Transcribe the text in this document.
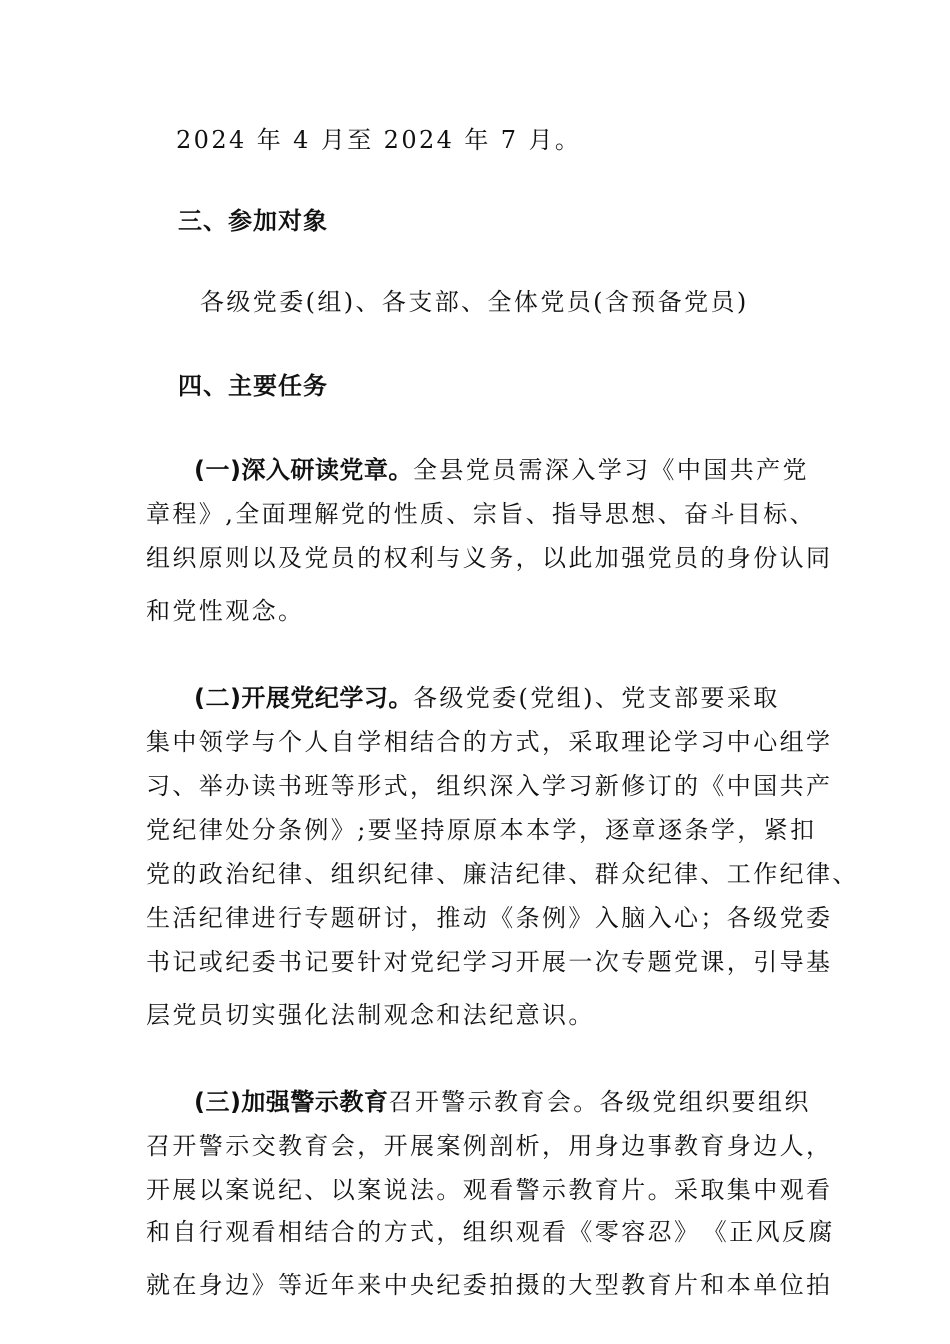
2024 年 4 月至 2024 年 7 月。
三、参加对象
各级党委(组)、各支部、全体党员(含预备党员)
四、主要任务
(一)深入研读党章。全县党员需深入学习《中国共产党
章程》,全面理解党的性质、宗旨、指导思想、奋斗目标、
组织原则以及党员的权利与义务，以此加强党员的身份认同
和党性观念。
(二)开展党纪学习。各级党委(党组)、党支部要采取
集中领学与个人自学相结合的方式，采取理论学习中心组学
习、举办读书班等形式，组织深入学习新修订的《中国共产
党纪律处分条例》;要坚持原原本本学，逐章逐条学，紧扣
党的政治纪律、组织纪律、廉洁纪律、群众纪律、工作纪律、
生活纪律进行专题研讨，推动《条例》入脑入心；各级党委
书记或纪委书记要针对党纪学习开展一次专题党课，引导基
层党员切实强化法制观念和法纪意识。
(三)加强警示教育召开警示教育会。各级党组织要组织
召开警示交教育会，开展案例剖析，用身边事教育身边人，
开展以案说纪、以案说法。观看警示教育片。采取集中观看
和自行观看相结合的方式，组织观看《零容忍》　《正风反腐
就在身边》等近年来中央纪委拍摄的大型教育片和本单位拍
